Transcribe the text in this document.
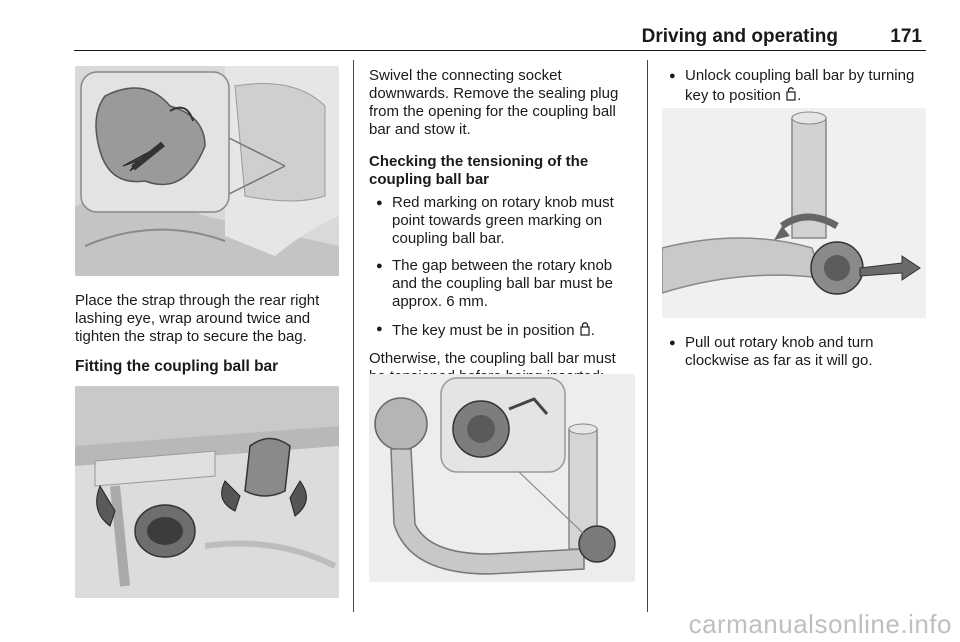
Driving and operating	171

Place the strap through the rear right lashing eye, wrap around twice and tighten the strap to secure the bag.

Fitting the coupling ball bar

Swivel the connecting socket downwards. Remove the sealing plug from the opening for the coupling ball bar and stow it.

Checking the tensioning of the coupling ball bar

● Red marking on rotary knob must point towards green marking on coupling ball bar.
● The gap between the rotary knob and the coupling ball bar must be approx. 6 mm.
● The key must be in position .

Otherwise, the coupling ball bar must

● Unlock coupling ball bar by turning key to position .
● Pull out rotary knob and turn clockwise as far as it will go.
carmanualsonline.info
